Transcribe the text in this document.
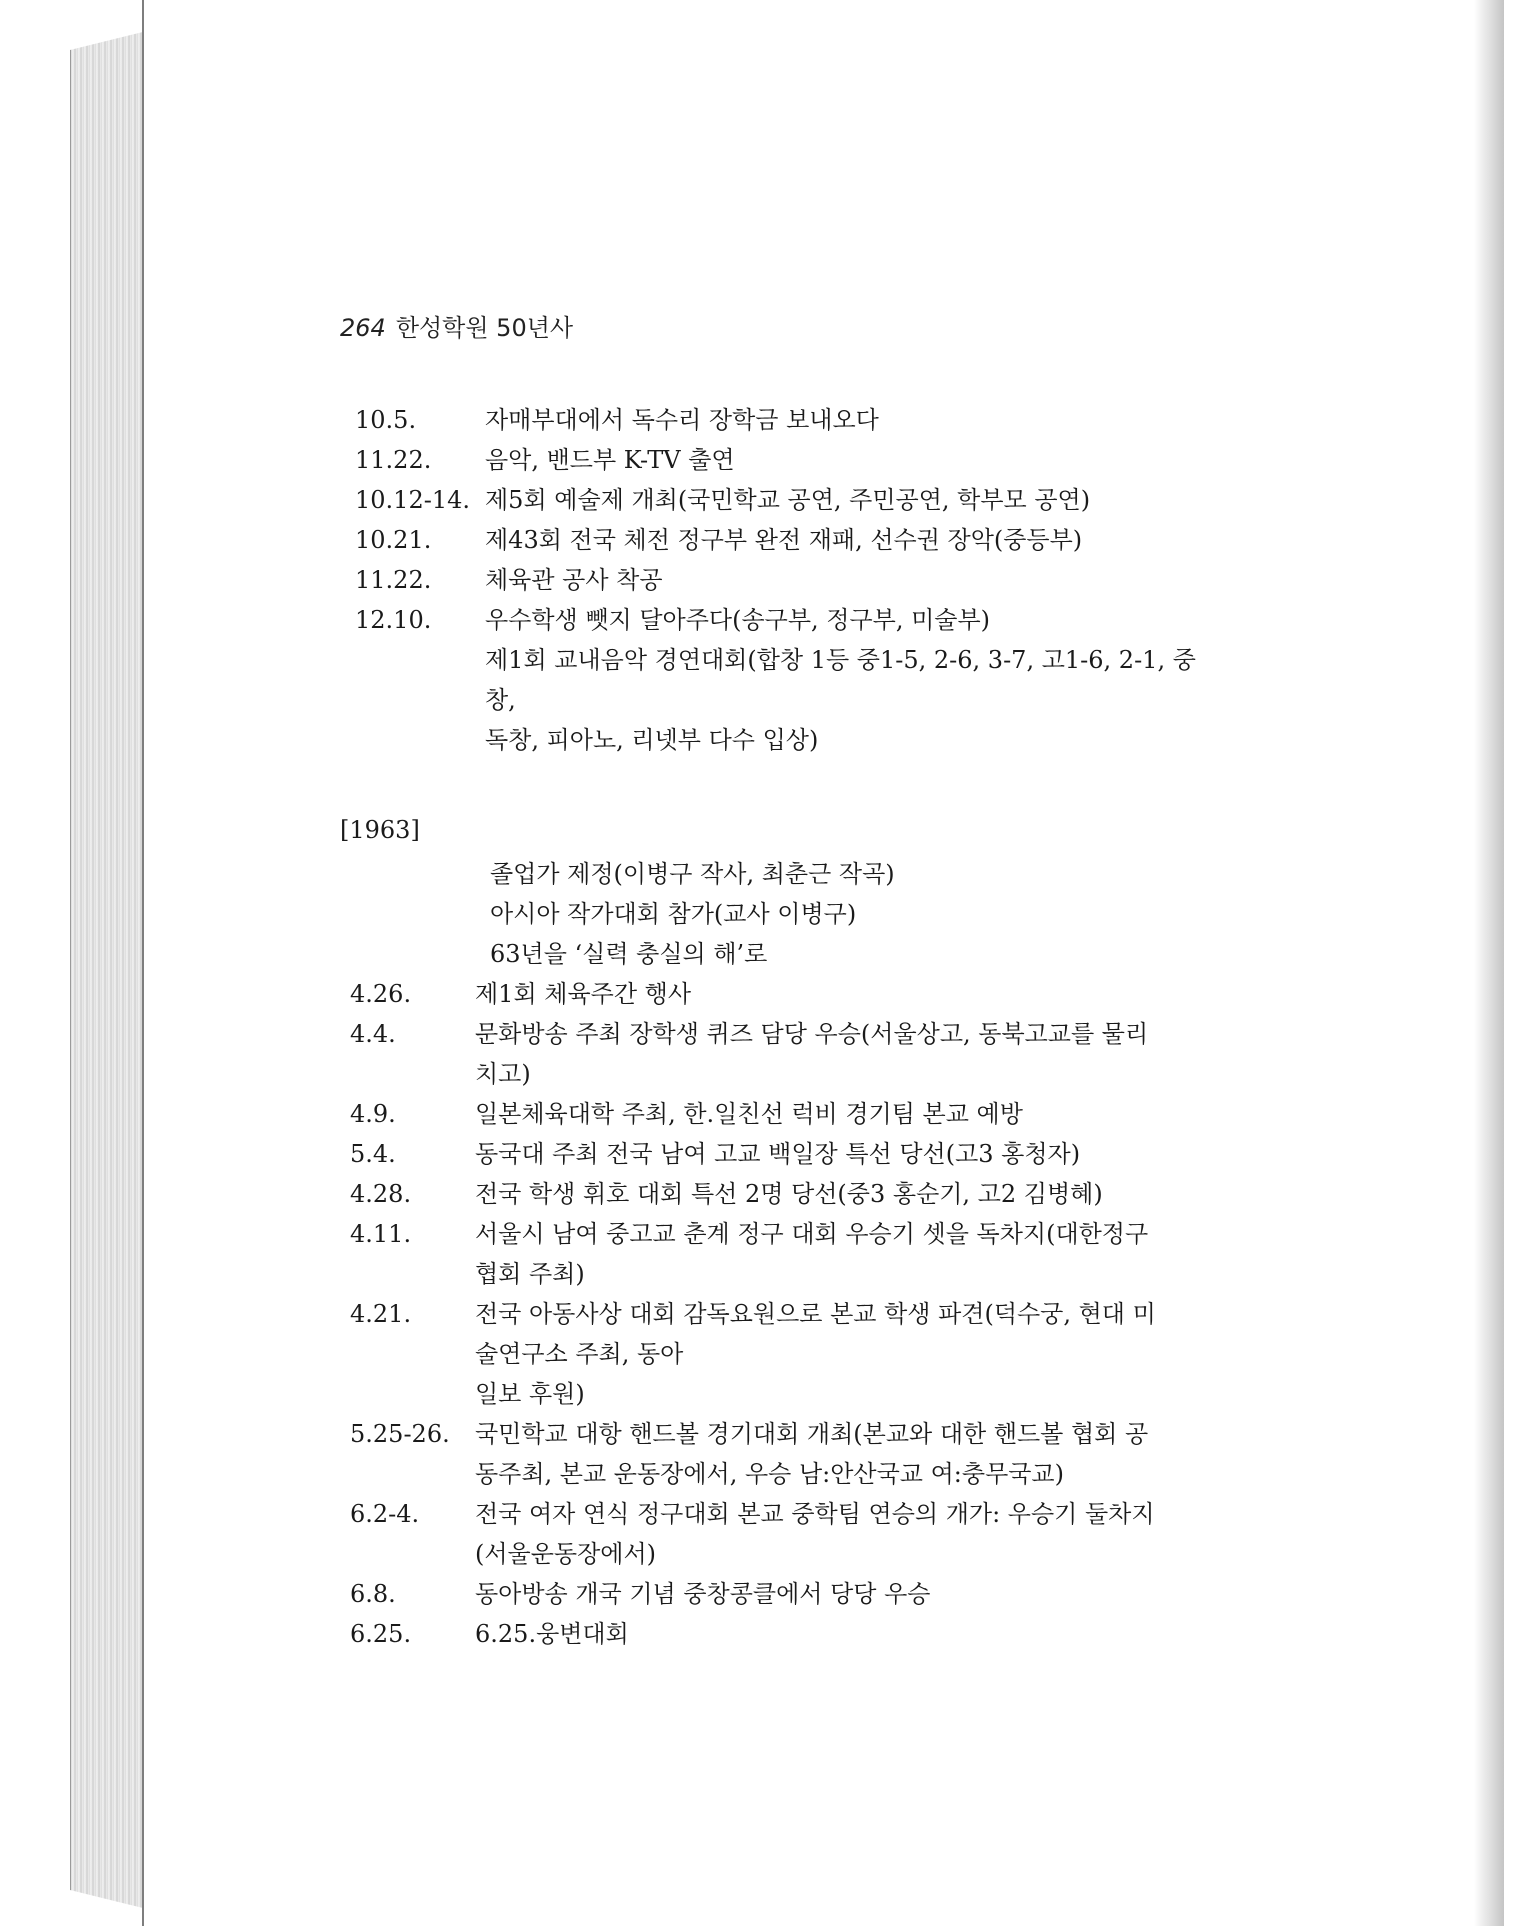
264 한성학원 50년사
10.5.	자매부대에서 독수리 장학금 보내오다
11.22.	음악, 밴드부 K-TV 출연
10.12-14. 제5회 예술제 개최(국민학교 공연, 주민공연, 학부모 공연)
10.21.	제43회 전국 체전 정구부 완전 재패, 선수권 장악(중등부)
11.22.	체육관 공사 착공
12.10.	우수학생 뺏지 달아주다(송구부, 정구부, 미술부)
제1회 교내음악 경연대회(합창 1등 중1-5, 2-6, 3-7, 고1-6, 2-1, 중
창,
독창, 피아노, 리넷부 다수 입상)
[1963]
졸업가 제정(이병구 작사, 최춘근 작곡)
아시아 작가대회 참가(교사 이병구)
63년을 ‘실력 충실의 해’로
4.26.	제1회 체육주간 행사
4.4.	문화방송 주최 장학생 퀴즈 담당 우승(서울상고, 동북고교를 물리
치고)
4.9.	일본체육대학 주최, 한.일친선 럭비 경기팀 본교 예방
5.4.	동국대 주최 전국 남여 고교 백일장 특선 당선(고3 홍청자)
4.28.	전국 학생 휘호 대회 특선 2명 당선(중3 홍순기, 고2 김병혜)
4.11.	서울시 남여 중고교 춘계 정구 대회 우승기 셋을 독차지(대한정구
협회 주최)
4.21.	전국 아동사상 대회 감독요원으로 본교 학생 파견(덕수궁, 현대 미
술연구소 주최, 동아
일보 후원)
5.25-26.	국민학교 대항 핸드볼 경기대회 개최(본교와 대한 핸드볼 협회 공
동주최, 본교 운동장에서, 우승 남:안산국교 여:충무국교)
6.2-4.	전국 여자 연식 정구대회 본교 중학팀 연승의 개가: 우승기 둘차지
(서울운동장에서)
6.8.	동아방송 개국 기념 중창콩클에서 당당 우승
6.25.	6.25.웅변대회
